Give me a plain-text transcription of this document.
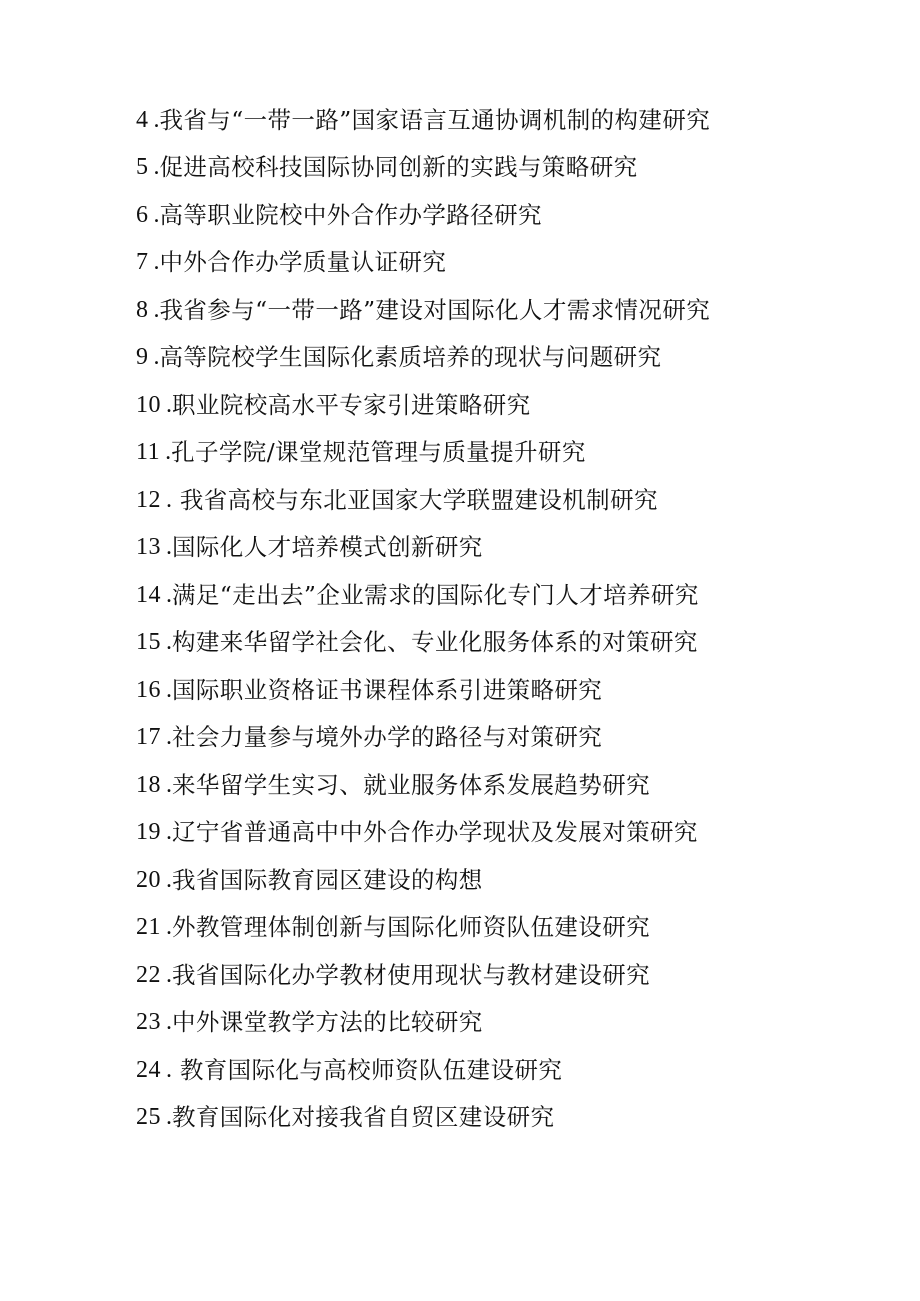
4 . 我省与“一带一路”国家语言互通协调机制的构建研究
5 . 促进高校科技国际协同创新的实践与策略研究
6 . 高等职业院校中外合作办学路径研究
7 . 中外合作办学质量认证研究
8 . 我省参与“一带一路”建设对国际化人才需求情况研究
9 . 高等院校学生国际化素质培养的现状与问题研究
10 . 职业院校高水平专家引进策略研究
11 . 孔子学院/课堂规范管理与质量提升研究
12 . 我省高校与东北亚国家大学联盟建设机制研究
13 . 国际化人才培养模式创新研究
14 . 满足“走出去”企业需求的国际化专门人才培养研究
15 . 构建来华留学社会化、专业化服务体系的对策研究
16 . 国际职业资格证书课程体系引进策略研究
17 . 社会力量参与境外办学的路径与对策研究
18 . 来华留学生实习、就业服务体系发展趋势研究
19 . 辽宁省普通高中中外合作办学现状及发展对策研究
20 . 我省国际教育园区建设的构想
21 . 外教管理体制创新与国际化师资队伍建设研究
22 . 我省国际化办学教材使用现状与教材建设研究
23 . 中外课堂教学方法的比较研究
24 . 教育国际化与高校师资队伍建设研究
25 . 教育国际化对接我省自贸区建设研究
